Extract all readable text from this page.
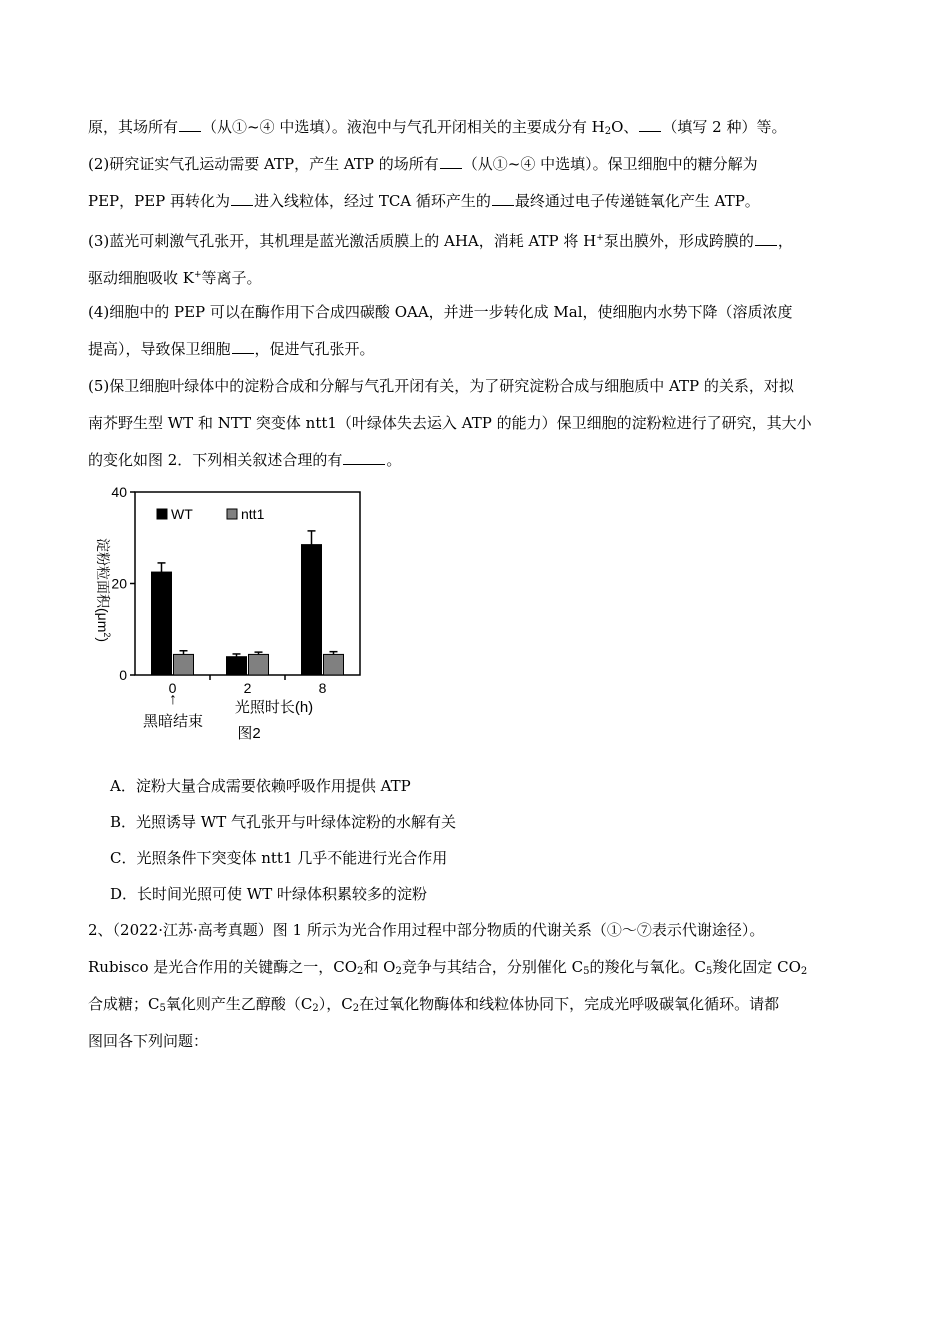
原，其场所有 （从①~④ 中选填）。液泡中与气孔开闭相关的主要成分有 $H_2O$、 （填写 2 种）等。
(2)研究证实气孔运动需要 ATP，产生 ATP 的场所有 （从①~④ 中选填）。保卫细胞中的糖分解为
PEP，PEP 再转化为 进入线粒体，经过 TCA 循环产生的 最终通过电子传递链氧化产生 ATP。
(3)蓝光可刺激气孔张开，其机理是蓝光激活质膜上的 AHA，消耗 ATP 将 H+泵出膜外，形成跨膜的 ，
驱动细胞吸收 K+等离子。
(4)细胞中的 PEP 可以在酶作用下合成四碳酸 OAA，并进一步转化成 Mal，使细胞内水势下降（溶质浓度
提高），导致保卫细胞 ，促进气孔张开。
(5)保卫细胞叶绿体中的淀粉合成和分解与气孔开闭有关，为了研究淀粉合成与细胞质中 ATP 的关系，对拟
南芥野生型 WT 和 NTT 突变体 ntt1（叶绿体失去运入 ATP 的能力）保卫细胞的淀粉粒进行了研究，其大小
的变化如图 2．下列相关叙述合理的有	。
0
20
40
0	2	8
WT	ntt1
淀粉粒面积$(\mu m^2)$
↑
黑暗结束
光照时长(h)
图2
A．淀粉大量合成需要依赖呼吸作用提供 ATP
B．光照诱导 WT 气孔张开与叶绿体淀粉的水解有关
C．光照条件下突变体 ntt1 几乎不能进行光合作用
D．长时间光照可使 WT 叶绿体积累较多的淀粉
2、（2022·江苏·高考真题）图 1 所示为光合作用过程中部分物质的代谢关系（①～⑦表示代谢途径）。
Rubisco 是光合作用的关键酶之一，$CO_2$和 $O_2$竞争与其结合，分别催化 $C_5$的羧化与氧化。$C_5$羧化固定 $CO_2$
合成糖；$C_5$氧化则产生乙醇酸$(C_2)$，$C_2$在过氧化物酶体和线粒体协同下，完成光呼吸碳氧化循环。请都
图回各下列问题：
